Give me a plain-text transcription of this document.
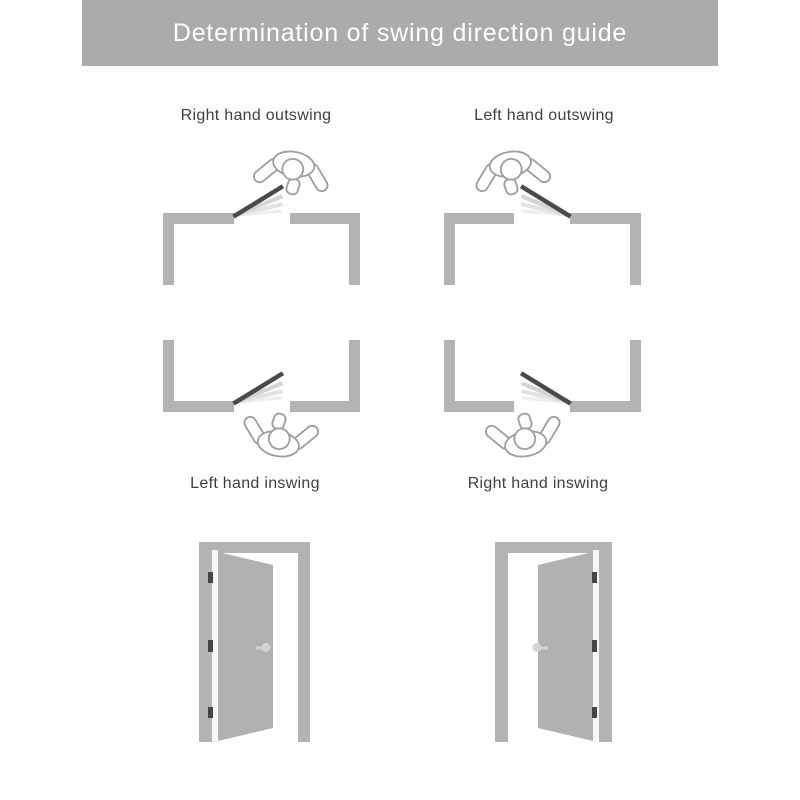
Determination of swing direction guide
Right hand outswing	Left hand outswing
Left hand inswing	Right hand inswing
